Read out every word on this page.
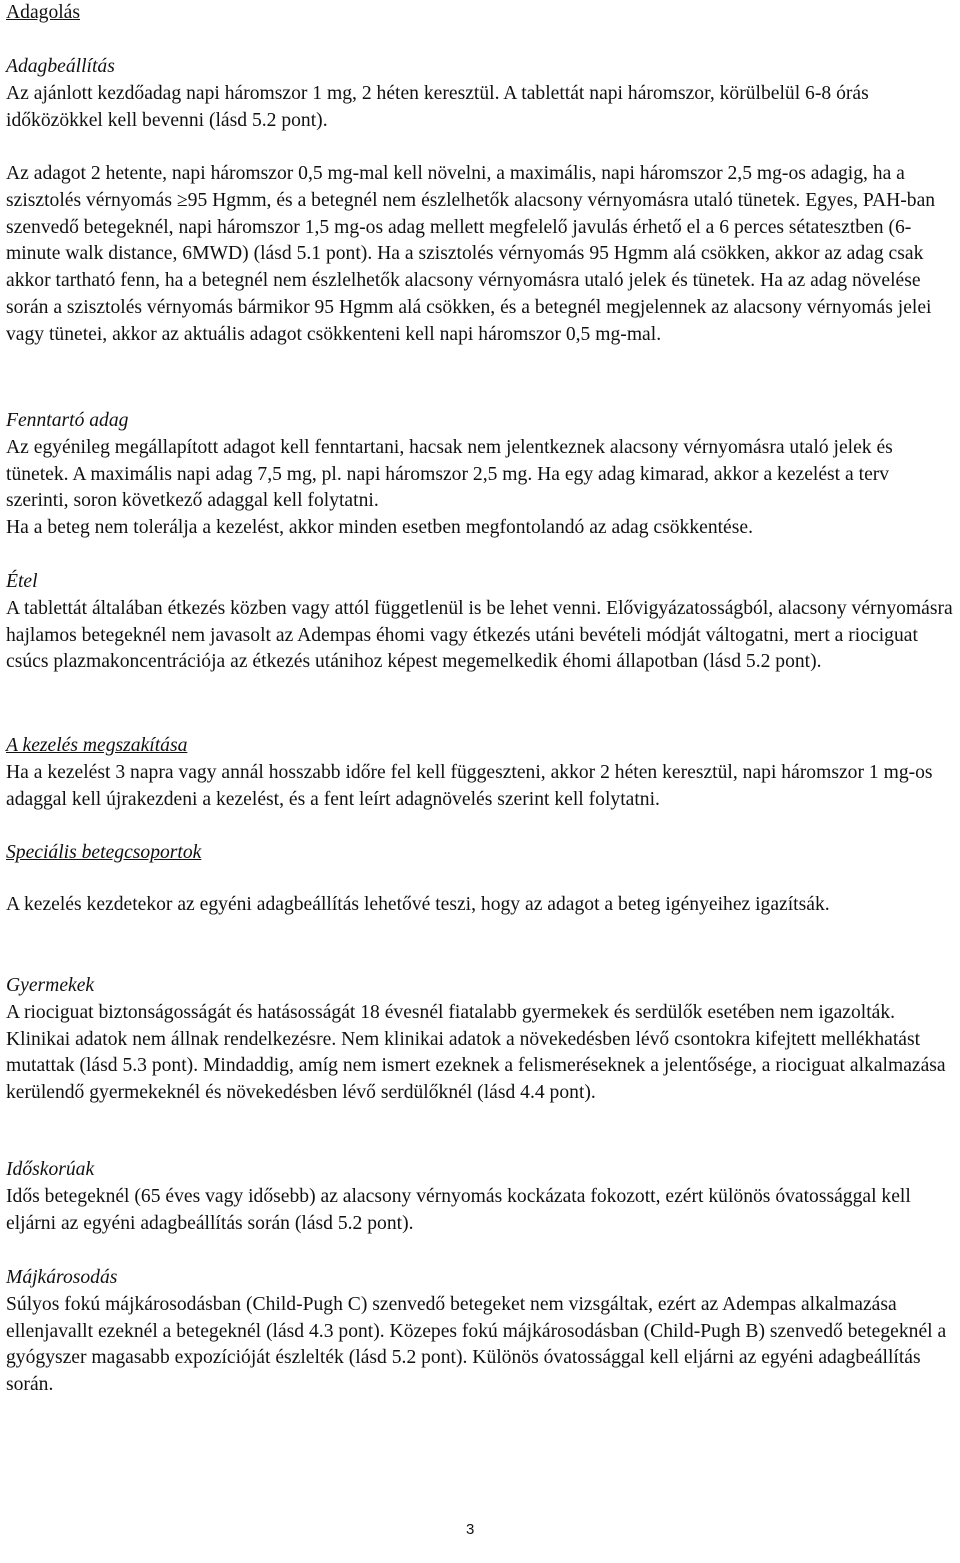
Adagolás

Adagbeállítás

Az ajánlott kezdőadag napi háromszor 1 mg, 2 héten keresztül. A tablettát napi háromszor, körülbelül 6-8 órás időközökkel kell bevenni (lásd 5.2 pont).

Az adagot 2 hetente, napi háromszor 0,5 mg-mal kell növelni, a maximális, napi háromszor 2,5 mg-os adagig, ha a szisztolés vérnyomás ≥95 Hgmm, és a betegnél nem észlelhetők alacsony vérnyomásra utaló tünetek. Egyes, PAH-ban szenvedő betegeknél, napi háromszor 1,5 mg-os adag mellett megfelelő javulás érhető el a 6 perces sétatesztben (6-minute walk distance, 6MWD) (lásd 5.1 pont). Ha a szisztolés vérnyomás 95 Hgmm alá csökken, akkor az adag csak akkor tartható fenn, ha a betegnél nem észlelhetők alacsony vérnyomásra utaló jelek és tünetek. Ha az adag növelése során a szisztolés vérnyomás bármikor 95 Hgmm alá csökken, és a betegnél megjelennek az alacsony vérnyomás jelei vagy tünetei, akkor az aktuális adagot csökkenteni kell napi háromszor 0,5 mg-mal.

Fenntartó adag

Az egyénileg megállapított adagot kell fenntartani, hacsak nem jelentkeznek alacsony vérnyomásra utaló jelek és tünetek. A maximális napi adag 7,5 mg, pl. napi háromszor 2,5 mg. Ha egy adag kimarad, akkor a kezelést a terv szerinti, soron következő adaggal kell folytatni.

Ha a beteg nem tolerálja a kezelést, akkor minden esetben megfontolandó az adag csökkentése.

Étel

A tablettát általában étkezés közben vagy attól függetlenül is be lehet venni. Elővigyázatosságból, alacsony vérnyomásra hajlamos betegeknél nem javasolt az Adempas éhomi vagy étkezés utáni bevételi módját váltogatni, mert a riociguat csúcs plazmakoncentrációja az étkezés utánihoz képest megemelkedik éhomi állapotban (lásd 5.2 pont).

A kezelés megszakítása

Ha a kezelést 3 napra vagy annál hosszabb időre fel kell függeszteni, akkor 2 héten keresztül, napi háromszor 1 mg-os adaggal kell újrakezdeni a kezelést, és a fent leírt adagnövelés szerint kell folytatni.

Speciális betegcsoportok

A kezelés kezdetekor az egyéni adagbeállítás lehetővé teszi, hogy az adagot a beteg igényeihez igazítsák.

Gyermekek

A riociguat biztonságosságát és hatásosságát 18 évesnél fiatalabb gyermekek és serdülők esetében nem igazolták. Klinikai adatok nem állnak rendelkezésre. Nem klinikai adatok a növekedésben lévő csontokra kifejtett mellékhatást mutattak (lásd 5.3 pont). Mindaddig, amíg nem ismert ezeknek a felismeréseknek a jelentősége, a riociguat alkalmazása kerülendő gyermekeknél és növekedésben lévő serdülőknél (lásd 4.4 pont).

Időskorúak

Idős betegeknél (65 éves vagy idősebb) az alacsony vérnyomás kockázata fokozott, ezért különös óvatossággal kell eljárni az egyéni adagbeállítás során (lásd 5.2 pont).

Májkárosodás

Súlyos fokú májkárosodásban (Child-Pugh C) szenvedő betegeket nem vizsgáltak, ezért az Adempas alkalmazása ellenjavallt ezeknél a betegeknél (lásd 4.3 pont). Közepes fokú májkárosodásban (Child-Pugh B) szenvedő betegeknél a gyógyszer magasabb expozícióját észlelték (lásd 5.2 pont). Különös óvatossággal kell eljárni az egyéni adagbeállítás során.

3
